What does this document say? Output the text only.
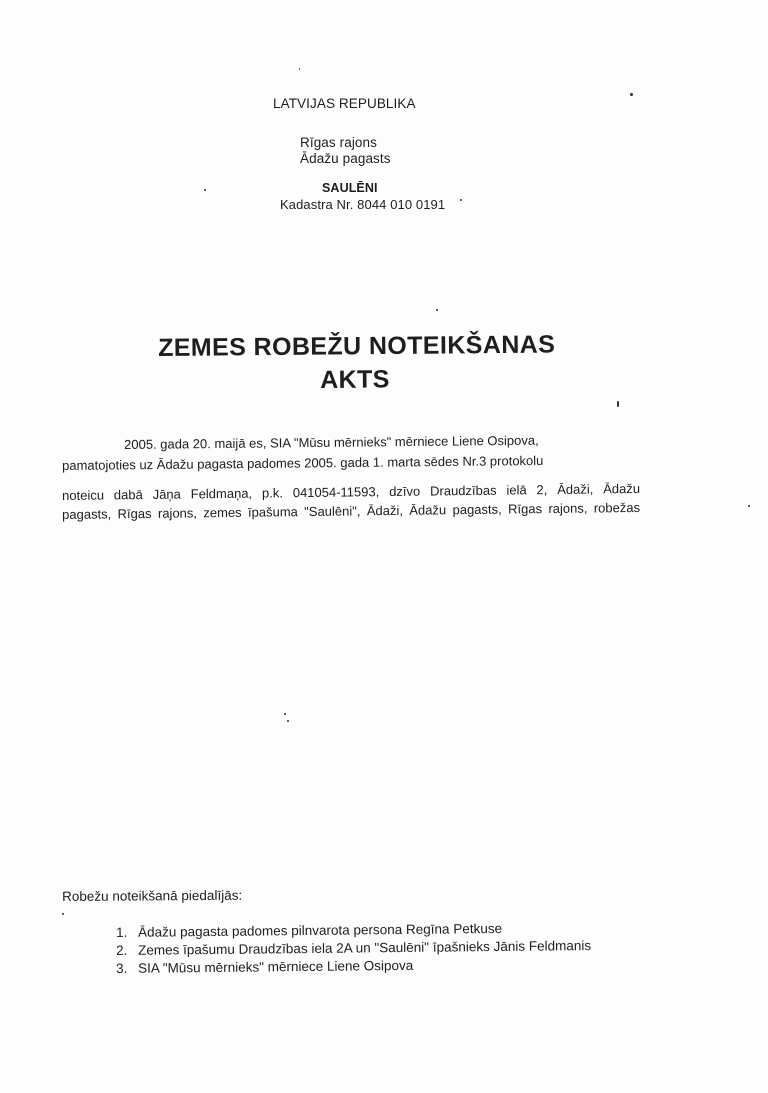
LATVIJAS REPUBLIKA
Rīgas rajons
Ādažu pagasts
SAULĒNI
Kadastra Nr. 8044 010 0191
ZEMES ROBEŽU NOTEIKŠANAS
AKTS
2005. gada 20. maijā es, SIA "Mūsu mērnieks" mērniece Liene Osipova,
pamatojoties uz Ādažu pagasta padomes 2005. gada 1. marta sēdes Nr.3 protokolu
noteicu dabā Jāņa Feldmaņa, p.k. 041054-11593, dzīvo Draudzības ielā 2, Ādaži, Ādažu
pagasts, Rīgas rajons, zemes īpašuma "Saulēni", Ādaži, Ādažu pagasts, Rīgas rajons, robežas
Robežu noteikšanā piedalījās:
1. Ādažu pagasta padomes pilnvarota persona Regīna Petkuse
2. Zemes īpašumu Draudzības iela 2A un "Saulēni" īpašnieks Jānis Feldmanis
3. SIA "Mūsu mērnieks" mērniece Liene Osipova
